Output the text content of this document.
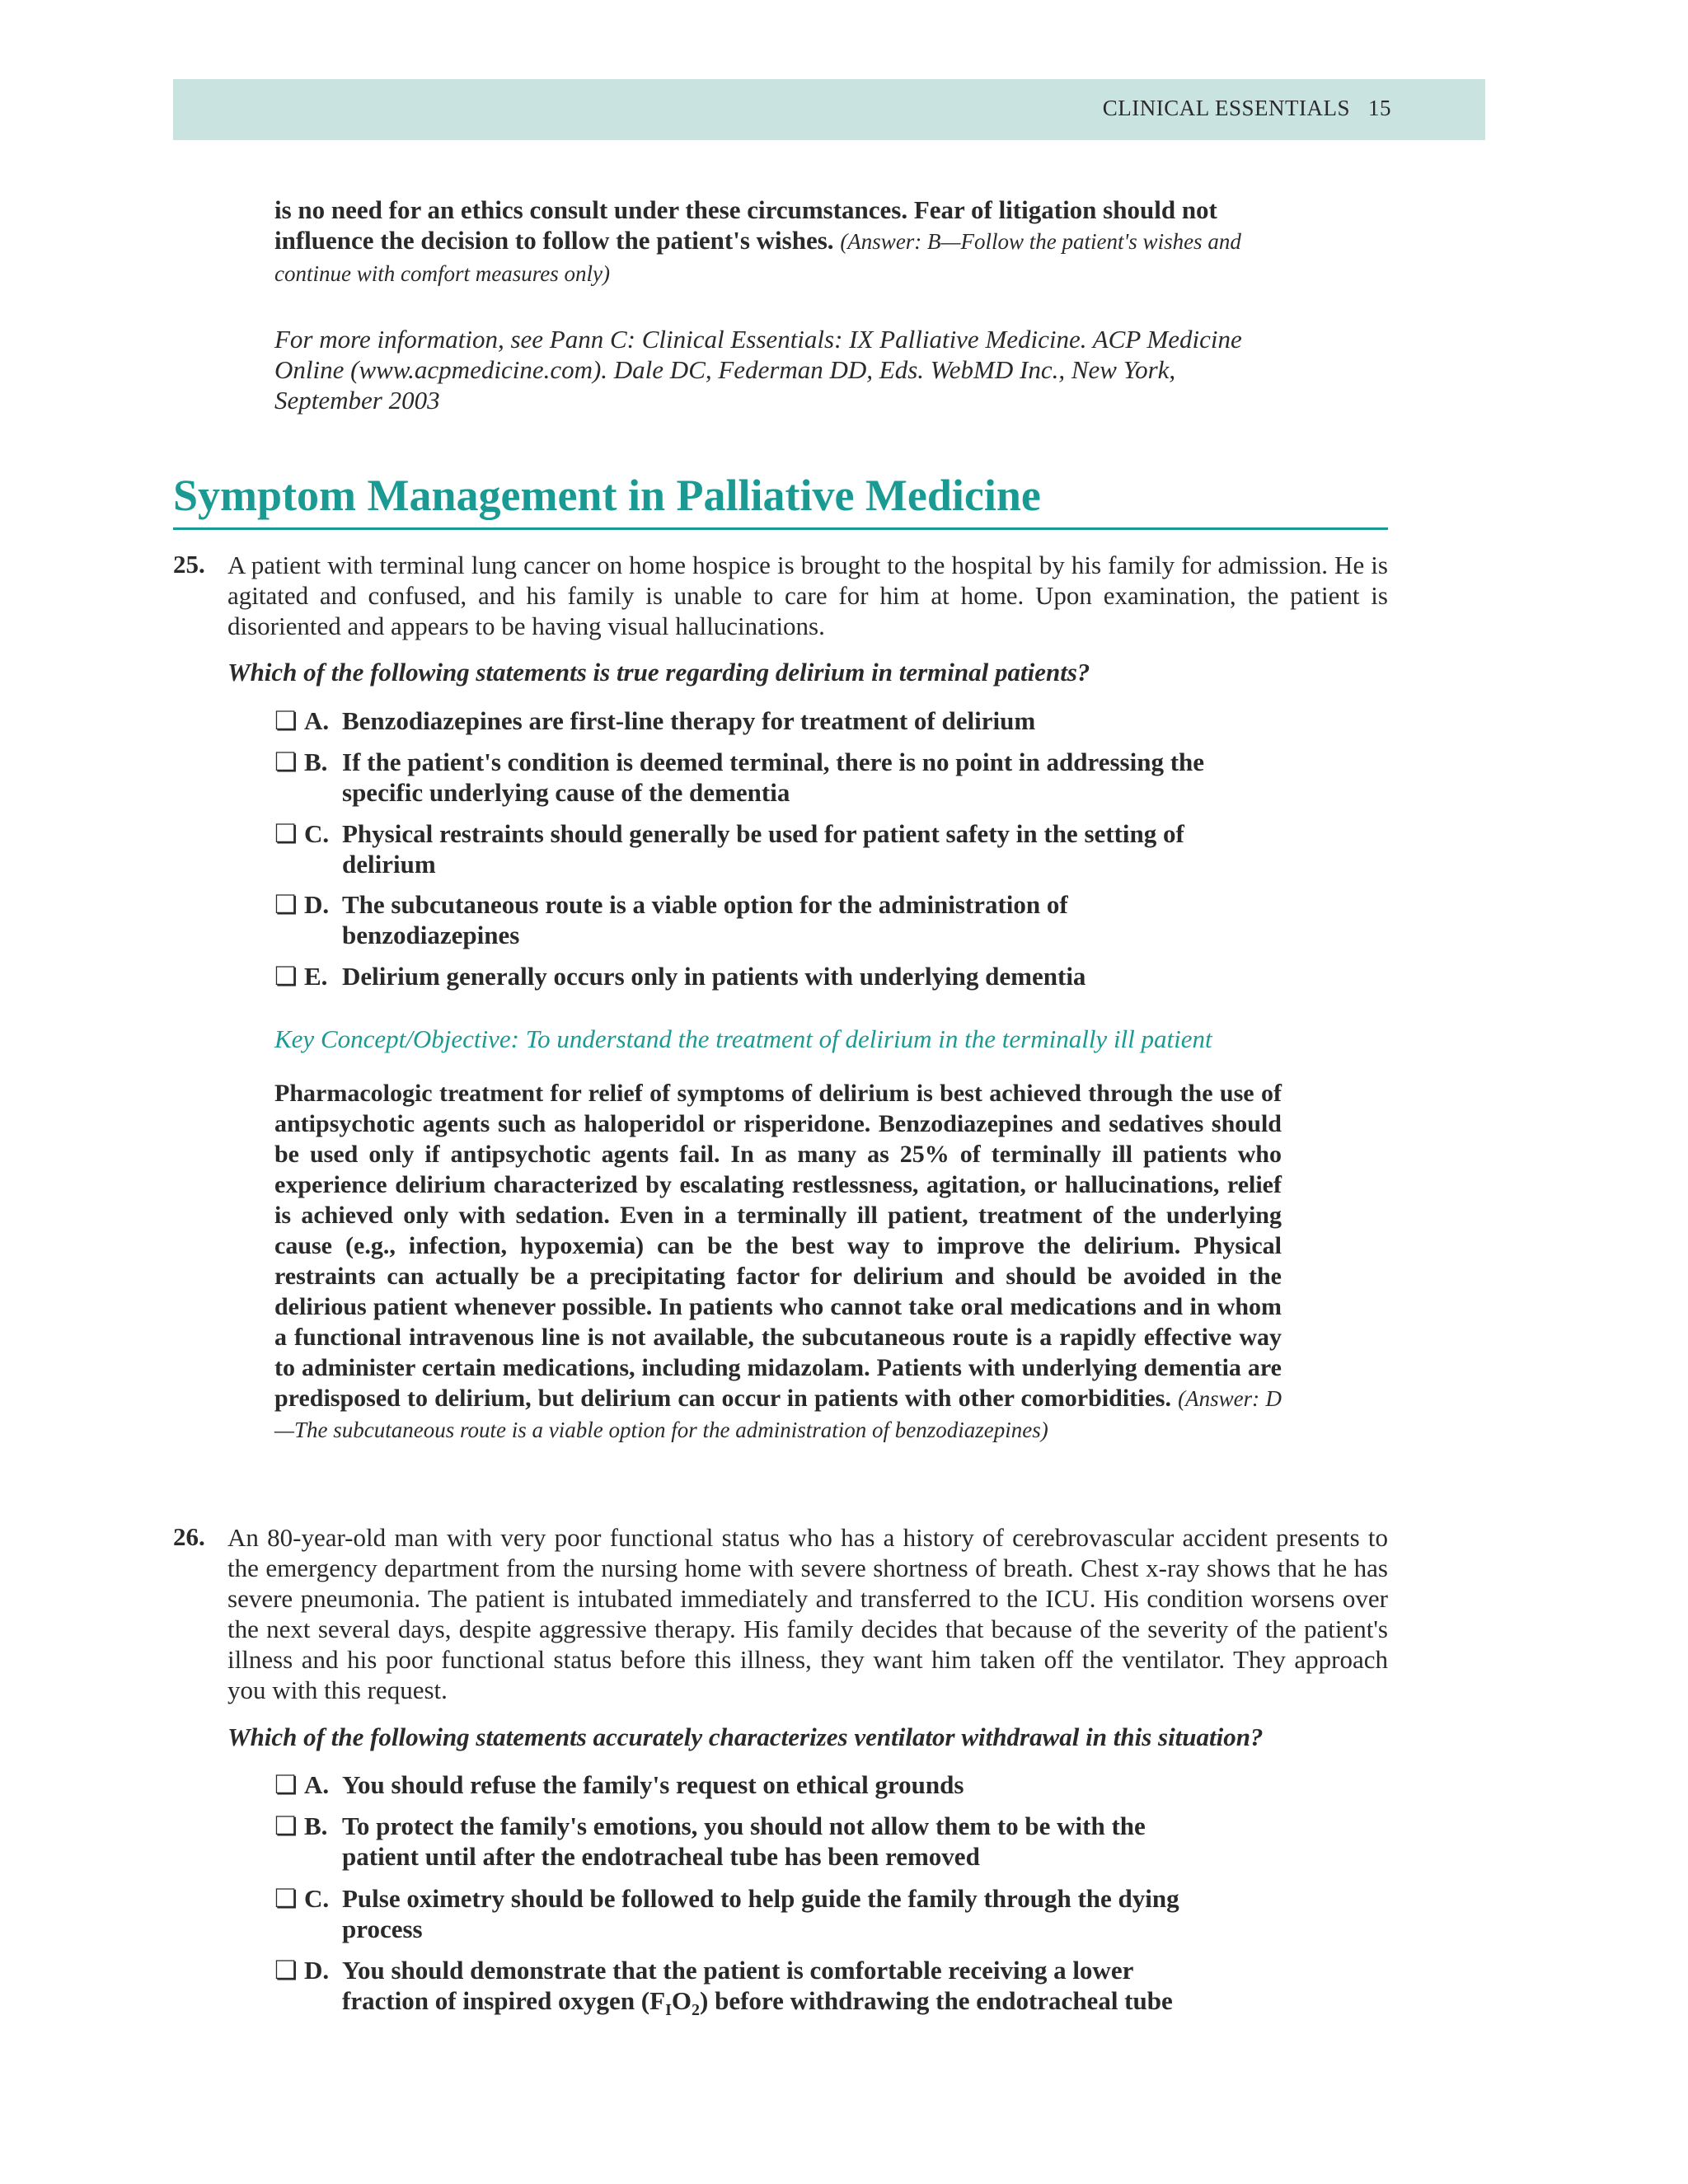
CLINICAL ESSENTIALS 15

is no need for an ethics consult under these circumstances. Fear of litigation should not influence the decision to follow the patient's wishes. (Answer: B—Follow the patient's wishes and continue with comfort measures only)

For more information, see Pann C: Clinical Essentials: IX Palliative Medicine. ACP Medicine Online (www.acpmedicine.com). Dale DC, Federman DD, Eds. WebMD Inc., New York, September 2003

Symptom Management in Palliative Medicine
25. A patient with terminal lung cancer on home hospice is brought to the hospital by his family for admission. He is agitated and confused, and his family is unable to care for him at home. Upon examination, the patient is disoriented and appears to be having visual hallucinations.

Which of the following statements is true regarding delirium in terminal patients?
❏ A. Benzodiazepines are first-line therapy for treatment of delirium
❏ B. If the patient's condition is deemed terminal, there is no point in addressing the specific underlying cause of the dementia
❏ C. Physical restraints should generally be used for patient safety in the setting of delirium
❏ D. The subcutaneous route is a viable option for the administration of benzodiazepines
❏ E. Delirium generally occurs only in patients with underlying dementia
Key Concept/Objective: To understand the treatment of delirium in the terminally ill patient

Pharmacologic treatment for relief of symptoms of delirium is best achieved through the use of antipsychotic agents such as haloperidol or risperidone. Benzodiazepines and sedatives should be used only if antipsychotic agents fail. In as many as 25% of terminally ill patients who experience delirium characterized by escalating restlessness, agitation, or hallucinations, relief is achieved only with sedation. Even in a terminally ill patient, treatment of the underlying cause (e.g., infection, hypoxemia) can be the best way to improve the delirium. Physical restraints can actually be a precipitating factor for delirium and should be avoided in the delirious patient whenever possible. In patients who cannot take oral medications and in whom a functional intravenous line is not available, the subcutaneous route is a rapidly effective way to administer certain medications, including midazolam. Patients with underlying dementia are predisposed to delirium, but delirium can occur in patients with other comorbidities. (Answer: D—The subcutaneous route is a viable option for the administration of benzodiazepines)

26. An 80-year-old man with very poor functional status who has a history of cerebrovascular accident presents to the emergency department from the nursing home with severe shortness of breath. Chest x-ray shows that he has severe pneumonia. The patient is intubated immediately and transferred to the ICU. His condition worsens over the next several days, despite aggressive therapy. His family decides that because of the severity of the patient's illness and his poor functional status before this illness, they want him taken off the ventilator. They approach you with this request.

Which of the following statements accurately characterizes ventilator withdrawal in this situation?
❏ A. You should refuse the family's request on ethical grounds
❏ B. To protect the family's emotions, you should not allow them to be with the patient until after the endotracheal tube has been removed
❏ C. Pulse oximetry should be followed to help guide the family through the dying process
❏ D. You should demonstrate that the patient is comfortable receiving a lower fraction of inspired oxygen $(F_IO_2)$ before withdrawing the endotracheal tube
